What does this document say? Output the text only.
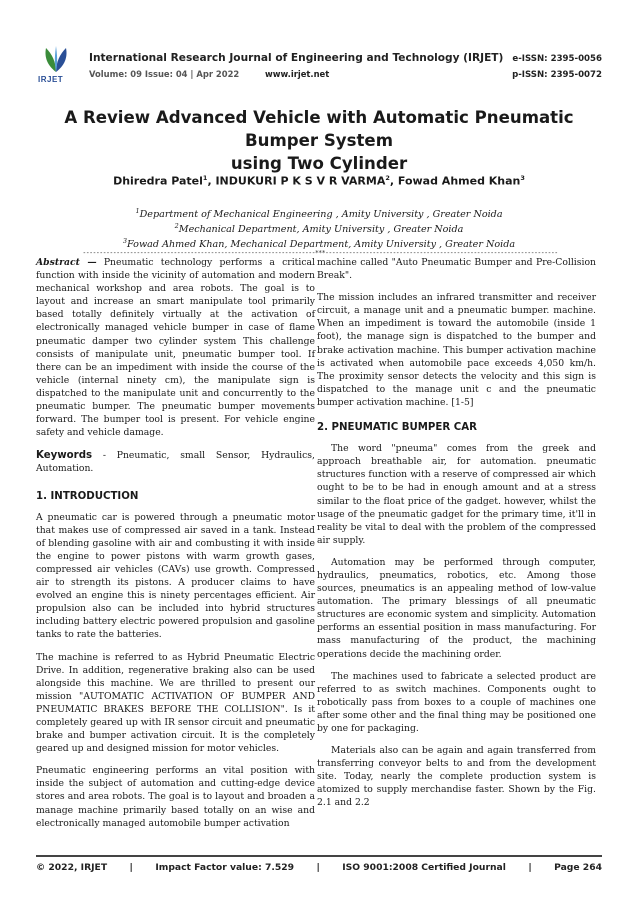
IRJET
International Research Journal of Engineering and Technology (IRJET)
Volume: 09 Issue: 04 | Apr 2022	www.irjet.net
e-ISSN: 2395-0056
p-ISSN: 2395-0072
A Review Advanced Vehicle with Automatic Pneumatic Bumper System
using Two Cylinder
Dhiredra Patel$^1$, INDUKURI P K S V R VARMA$^2$, Fowad Ahmed Khan$^3$
$^1$Department of Mechanical Engineering , Amity University , Greater Noida
$^2$Mechanical Department, Amity University , Greater Noida
$^3$Fowad Ahmed Khan, Mechanical Department, Amity University , Greater Noida
---------------------------------------------------------------------***---------------------------------------------------------------------

Abstract — Pneumatic technology performs a critical function with inside the vicinity of automation and modern mechanical workshop and area robots. The goal is to layout and increase an smart manipulate tool primarily based totally definitely virtually at the activation of electronically managed vehicle bumper in case of flame pneumatic damper two cylinder system This challenge consists of manipulate unit, pneumatic bumper tool. If there can be an impediment with inside the course of the vehicle (internal ninety cm), the manipulate sign is dispatched to the manipulate unit and concurrently to the pneumatic bumper. The pneumatic bumper movements forward. The bumper tool is present. For vehicle engine safety and vehicle damage.

Keywords - Pneumatic, small Sensor, Hydraulics, Automation.

1. INTRODUCTION

A pneumatic car is powered through a pneumatic motor that makes use of compressed air saved in a tank. Instead of blending gasoline with air and combusting it with inside the engine to power pistons with warm growth gases, compressed air vehicles (CAVs) use growth. Compressed air to strength its pistons. A producer claims to have evolved an engine this is ninety percentages efficient. Air propulsion also can be included into hybrid structures including battery electric powered propulsion and gasoline tanks to rate the batteries.

The machine is referred to as Hybrid Pneumatic Electric Drive. In addition, regenerative braking also can be used alongside this machine. We are thrilled to present our mission "AUTOMATIC ACTIVATION OF BUMPER AND PNEUMATIC BRAKES BEFORE THE COLLISION". Is it completely geared up with IR sensor circuit and pneumatic brake and bumper activation circuit. It is the completely geared up and designed mission for motor vehicles.

Pneumatic engineering performs an vital position with inside the subject of automation and cutting-edge device stores and area robots. The goal is to layout and broaden a manage machine primarily based totally on an wise and electronically managed automobile bumper activation

machine called "Auto Pneumatic Bumper and Pre-Collision Break".

The mission includes an infrared transmitter and receiver circuit, a manage unit and a pneumatic bumper. machine. When an impediment is toward the automobile (inside 1 foot), the manage sign is dispatched to the bumper and brake activation machine. This bumper activation machine is activated when automobile pace exceeds 4,050 km/h. The proximity sensor detects the velocity and this sign is dispatched to the manage unit c and the pneumatic bumper activation machine. [1-5]

2. PNEUMATIC BUMPER CAR

The word "pneuma" comes from the greek and approach breathable air, for automation. pneumatic structures function with a reserve of compressed air which ought to be to be had in enough amount and at a stress similar to the float price of the gadget. however, whilst the usage of the pneumatic gadget for the primary time, it'll in reality be vital to deal with the problem of the compressed air supply.

Automation may be performed through computer, hydraulics, pneumatics, robotics, etc. Among those sources, pneumatics is an appealing method of low-value automation. The primary blessings of all pneumatic structures are economic system and simplicity. Automation performs an essential position in mass manufacturing. For mass manufacturing of the product, the machining operations decide the machining order.

The machines used to fabricate a selected product are referred to as switch machines. Components ought to robotically pass from boxes to a couple of machines one after some other and the final thing may be positioned one by one for packaging.

Materials also can be again and again transferred from transferring conveyor belts to and from the development site. Today, nearly the complete production system is atomized to supply merchandise faster. Shown by the Fig. 2.1 and 2.2

© 2022, IRJET | Impact Factor value: 7.529 | ISO 9001:2008 Certified Journal | Page 264
